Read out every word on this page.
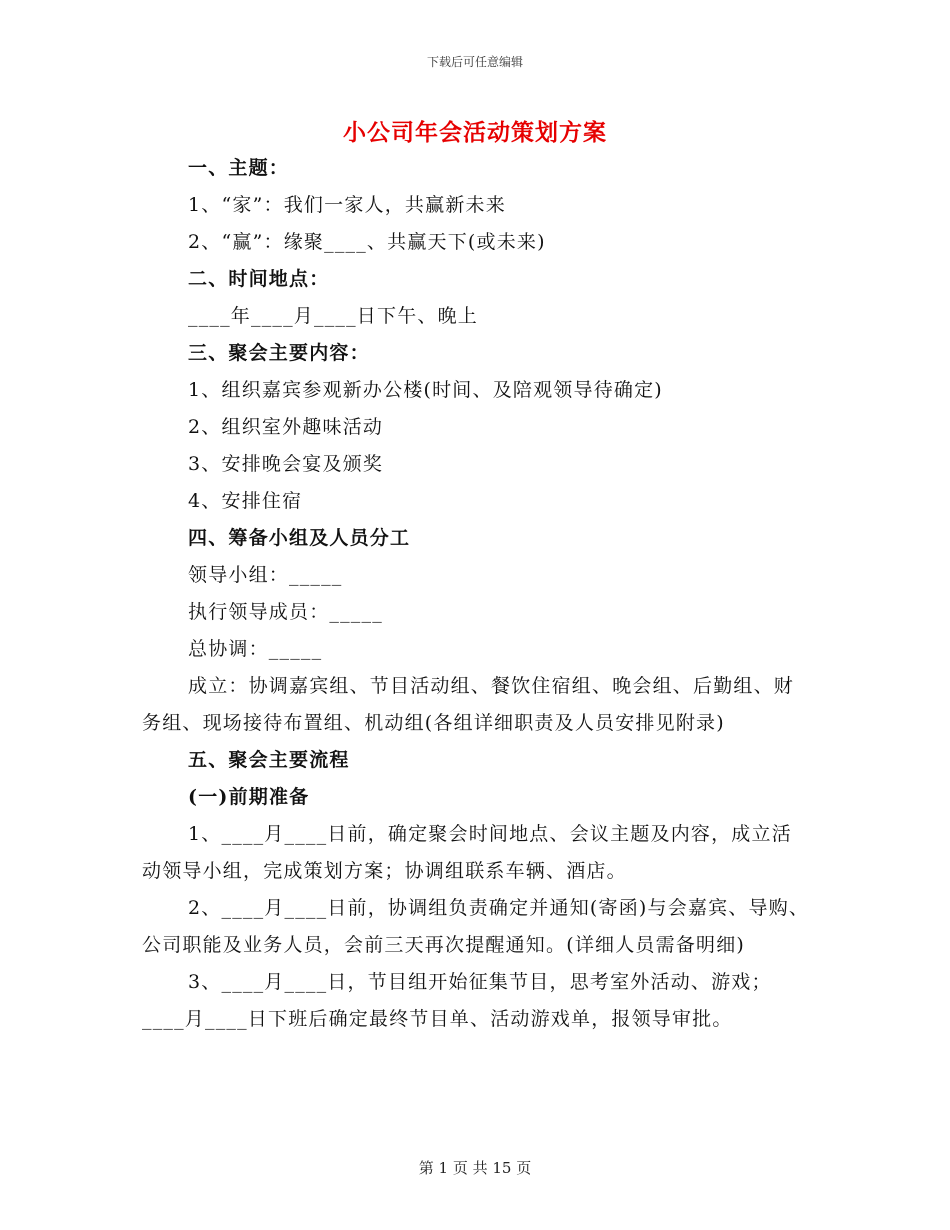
下载后可任意编辑
小公司年会活动策划方案

一、主题：

1、“家”：我们一家人，共赢新未来

2、“赢”：缘聚____、共赢天下(或未来)

二、时间地点：

____年____月____日下午、晚上

三、聚会主要内容：

1、组织嘉宾参观新办公楼(时间、及陪观领导待确定)

2、组织室外趣味活动

3、安排晚会宴及颁奖

4、安排住宿

四、筹备小组及人员分工

领导小组：_____

执行领导成员：_____

总协调：_____

成立：协调嘉宾组、节目活动组、餐饮住宿组、晚会组、后勤组、财务组、现场接待布置组、机动组(各组详细职责及人员安排见附录)

五、聚会主要流程

(一)前期准备

1、____月____日前，确定聚会时间地点、会议主题及内容，成立活动领导小组，完成策划方案；协调组联系车辆、酒店。

2、____月____日前，协调组负责确定并通知(寄函)与会嘉宾、导购、公司职能及业务人员，会前三天再次提醒通知。(详细人员需备明细)

3、____月____日，节目组开始征集节目，思考室外活动、游戏；____月____日下班后确定最终节目单、活动游戏单，报领导审批。

第 1 页 共 15 页
